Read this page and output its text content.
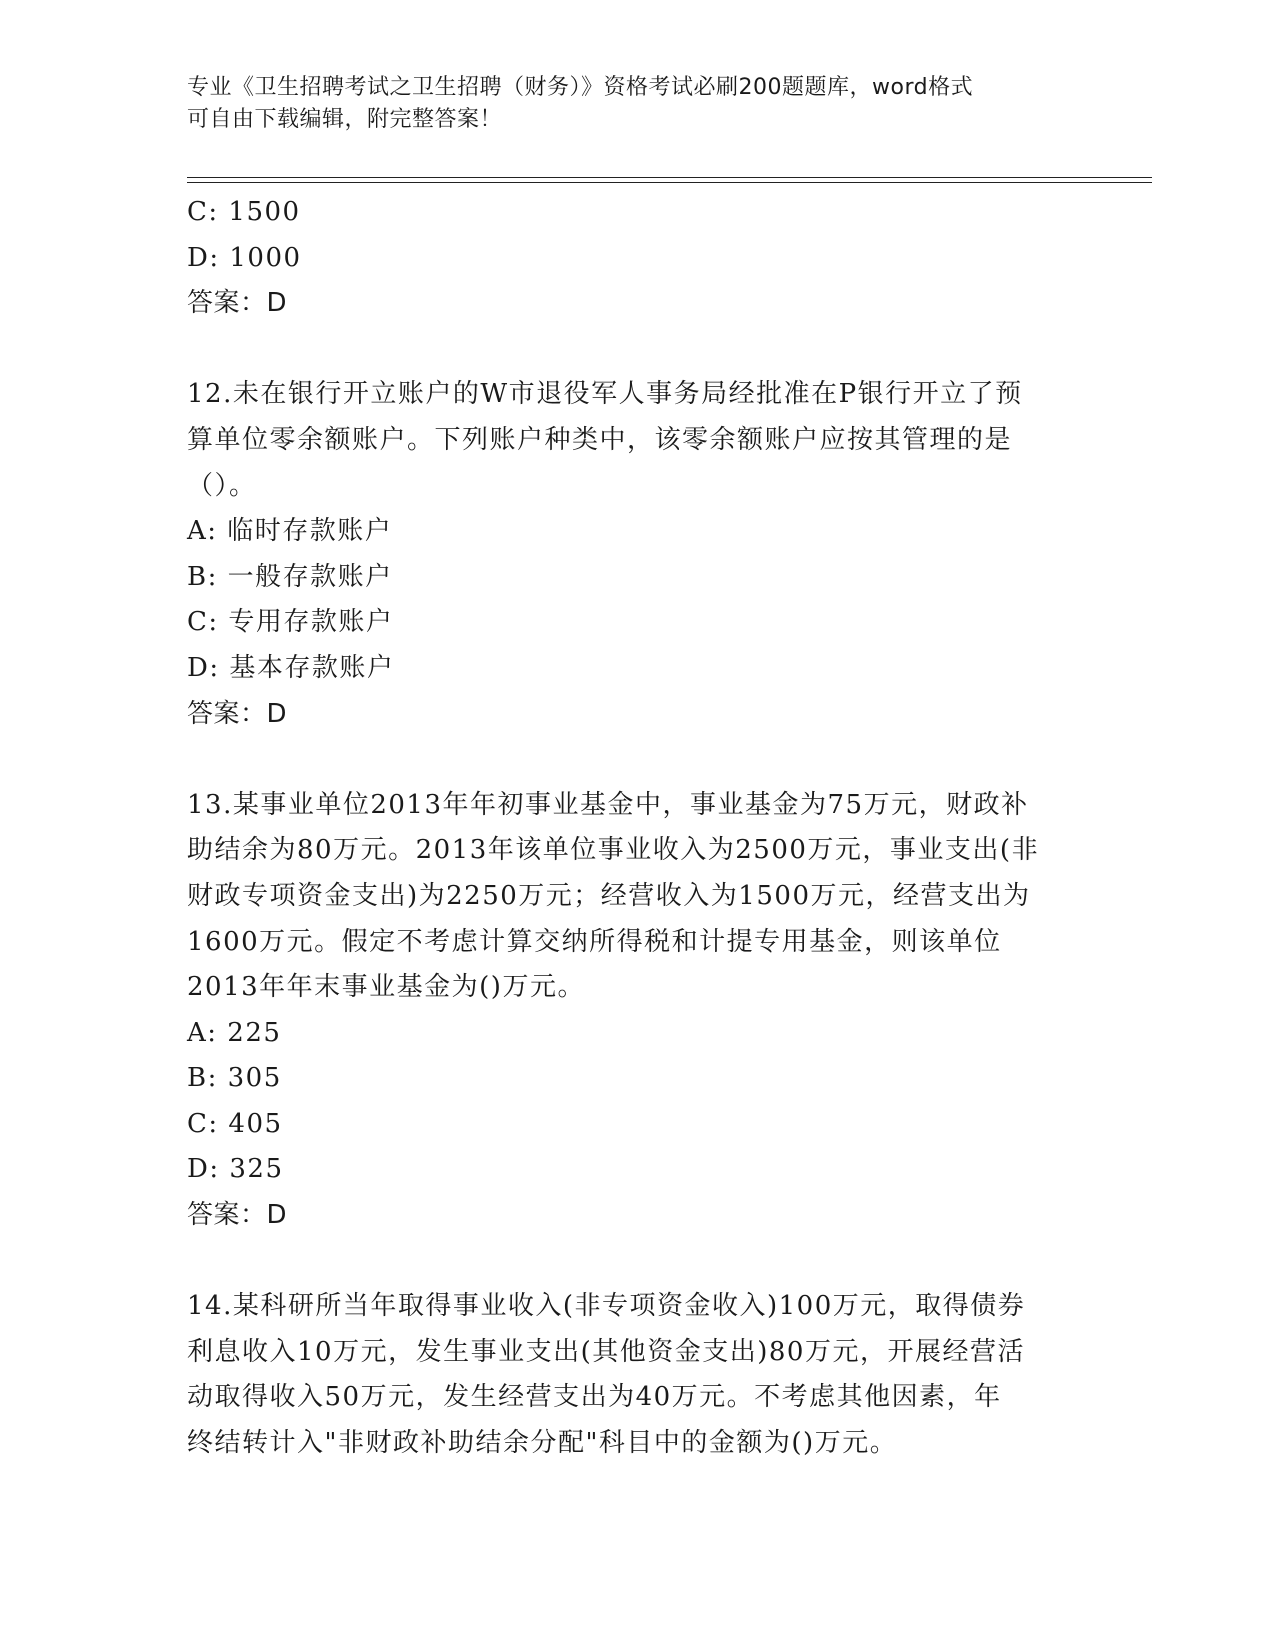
专业《卫生招聘考试之卫生招聘（财务）》资格考试必刷200题题库，word格式
可自由下载编辑，附完整答案！
C: 1500
D: 1000
答案：D
12.未在银行开立账户的W市退役军人事务局经批准在P银行开立了预
算单位零余额账户。下列账户种类中，该零余额账户应按其管理的是
（）。
A: 临时存款账户
B: 一般存款账户
C: 专用存款账户
D: 基本存款账户
答案：D
13.某事业单位2013年年初事业基金中，事业基金为75万元，财政补
助结余为80万元。2013年该单位事业收入为2500万元，事业支出(非
财政专项资金支出)为2250万元；经营收入为1500万元，经营支出为
1600万元。假定不考虑计算交纳所得税和计提专用基金，则该单位
2013年年末事业基金为()万元。
A: 225
B: 305
C: 405
D: 325
答案：D
14.某科研所当年取得事业收入(非专项资金收入)100万元，取得债券
利息收入10万元，发生事业支出(其他资金支出)80万元，开展经营活
动取得收入50万元，发生经营支出为40万元。不考虑其他因素，年
终结转计入"非财政补助结余分配"科目中的金额为()万元。
